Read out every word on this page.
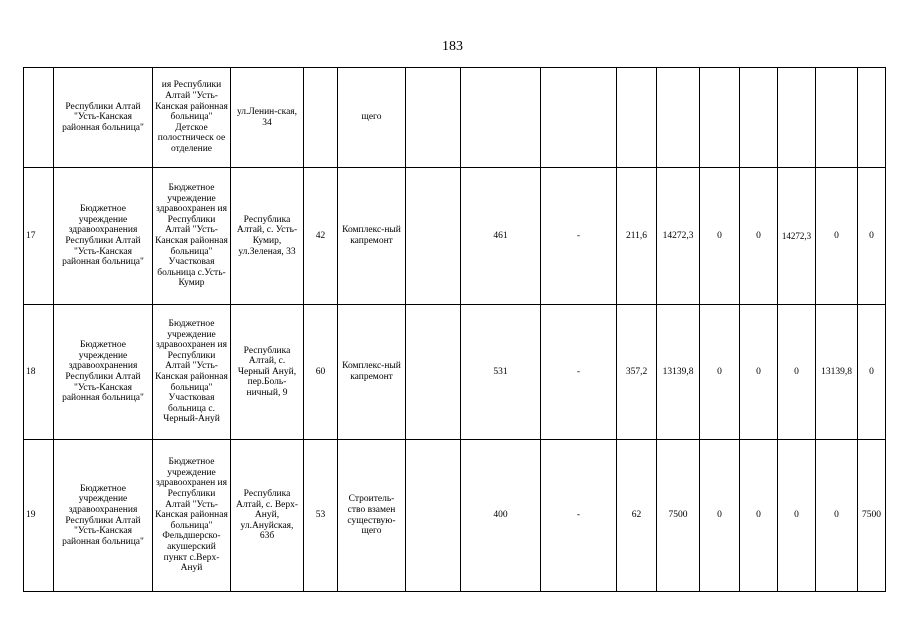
183
	Республики Алтай "Усть-Канская районная больница"	ия Республики Алтай "Усть-Канская районная больница" Детское полостническ ое отделение	ул.Ленин-ская, 34		щего										
17	Бюджетное учреждение здравоохранения Республики Алтай "Усть-Канская районная больница"	Бюджетное учреждение здравоохранен ия Республики Алтай "Усть-Канская районная больница" Участковая больница с.Усть-Кумир	Республика Алтай, с. Усть-Кумир, ул.Зеленая, 33	42	Комплекс-ный капремонт		461	-	211,6	14272,3	0	0	14272,3	0	0
18	Бюджетное учреждение здравоохранения Республики Алтай "Усть-Канская районная больница"	Бюджетное учреждение здравоохранен ия Республики Алтай "Усть-Канская районная больница" Участковая больница с. Черный-Ануй	Республика Алтай, с. Черный Ануй, пер.Боль-ничный, 9	60	Комплекс-ный капремонт		531	-	357,2	13139,8	0	0	0	13139,8	0
19	Бюджетное учреждение здравоохранения Республики Алтай "Усть-Канская районная больница"	Бюджетное учреждение здравоохранен ия Республики Алтай "Усть-Канская районная больница" Фельдшерско-акушерский пункт с.Верх-Ануй	Республика Алтай, с. Верх-Ануй, ул.Ануйская, 63б	53	Строитель-ство взамен существую-щего		400	-	62	7500	0	0	0	0	7500
